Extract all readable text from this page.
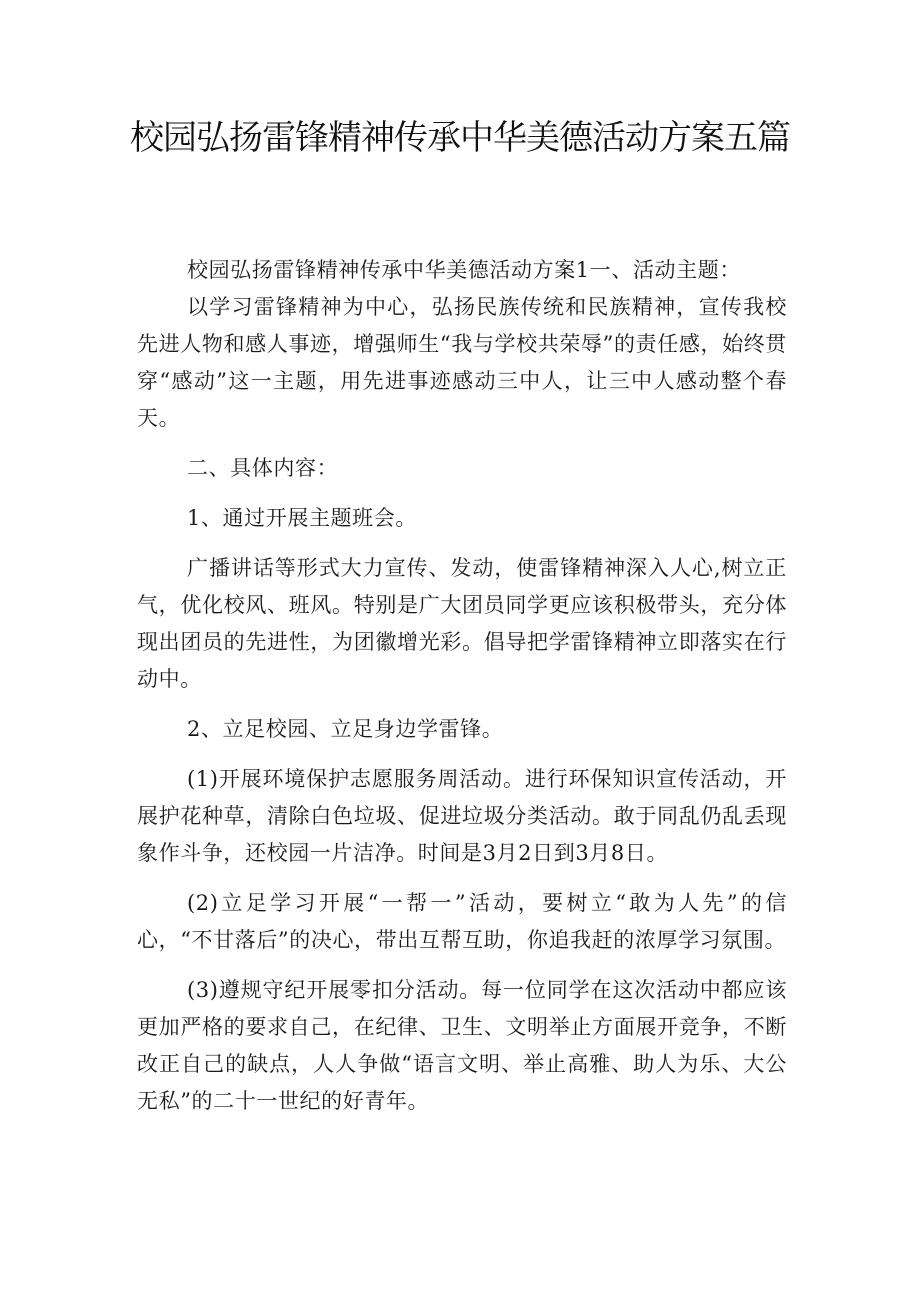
校园弘扬雷锋精神传承中华美德活动方案五篇

校园弘扬雷锋精神传承中华美德活动方案1一、活动主题：

以学习雷锋精神为中心，弘扬民族传统和民族精神，宣传我校先进人物和感人事迹，增强师生“我与学校共荣辱”的责任感，始终贯穿“感动”这一主题，用先进事迹感动三中人，让三中人感动整个春天。

二、具体内容：

1、通过开展主题班会。

广播讲话等形式大力宣传、发动，使雷锋精神深入人心,树立正气，优化校风、班风。特别是广大团员同学更应该积极带头，充分体现出团员的先进性，为团徽增光彩。倡导把学雷锋精神立即落实在行动中。

2、立足校园、立足身边学雷锋。

(1)开展环境保护志愿服务周活动。进行环保知识宣传活动，开展护花种草，清除白色垃圾、促进垃圾分类活动。敢于同乱仍乱丢现象作斗争，还校园一片洁净。时间是3月2日到3月8日。

(2)立足学习开展“一帮一”活动，要树立“敢为人先”的信心，“不甘落后”的决心，带出互帮互助，你追我赶的浓厚学习氛围。

(3)遵规守纪开展零扣分活动。每一位同学在这次活动中都应该更加严格的要求自己，在纪律、卫生、文明举止方面展开竞争，不断改正自己的缺点，人人争做“语言文明、举止高雅、助人为乐、大公无私”的二十一世纪的好青年。
